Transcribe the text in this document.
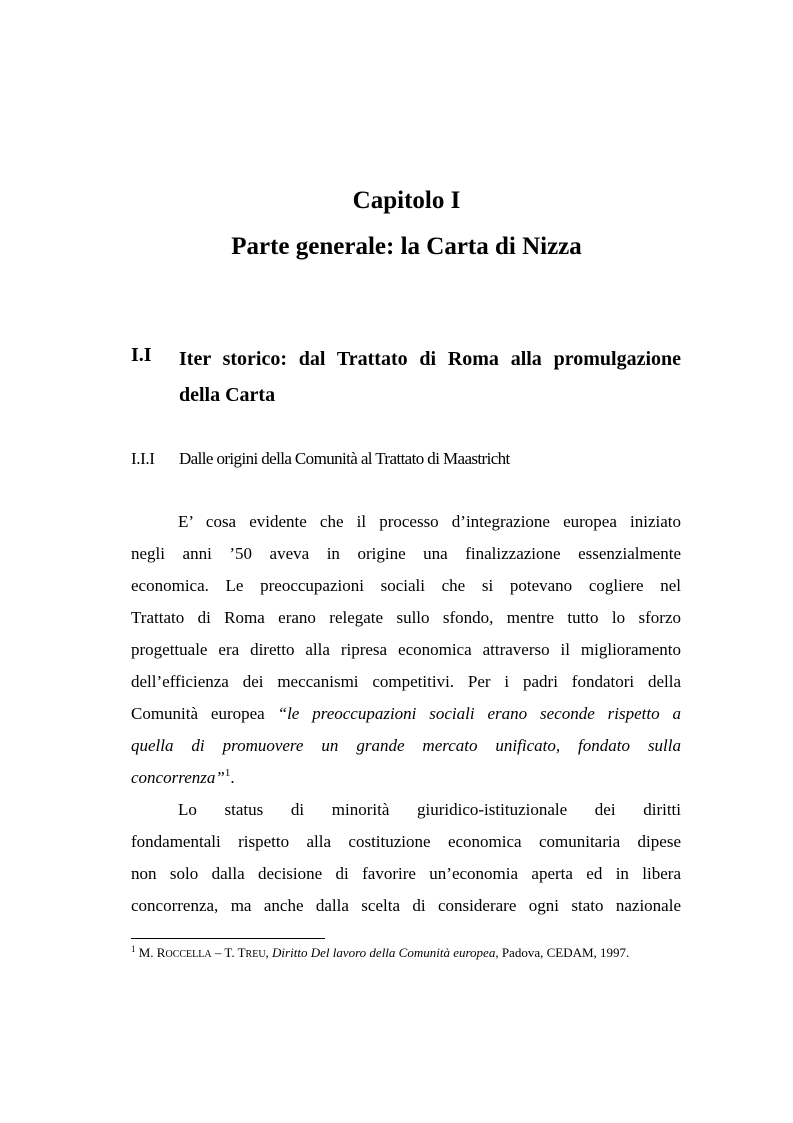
Capitolo I
Parte generale: la Carta di Nizza
I.I Iter storico: dal Trattato di Roma alla promulgazione
della Carta
I.I.I Dalle origini della Comunità al Trattato di Maastricht
E’ cosa evidente che il processo d’integrazione europea iniziato
negli anni ’50 aveva in origine una finalizzazione essenzialmente
economica. Le preoccupazioni sociali che si potevano cogliere nel
Trattato di Roma erano relegate sullo sfondo, mentre tutto lo sforzo
progettuale era diretto alla ripresa economica attraverso il miglioramento
dell’efficienza dei meccanismi competitivi. Per i padri fondatori della
Comunità europea “le preoccupazioni sociali erano seconde rispetto a
quella di promuovere un grande mercato unificato, fondato sulla
concorrenza”$^1$.
Lo status di minorità giuridico-istituzionale dei diritti
fondamentali rispetto alla costituzione economica comunitaria dipese
non solo dalla decisione di favorire un’economia aperta ed in libera
concorrenza, ma anche dalla scelta di considerare ogni stato nazionale
$^1$ M. ROCCELLA – T. TREU, Diritto Del lavoro della Comunità europea, Padova, CEDAM, 1997.
